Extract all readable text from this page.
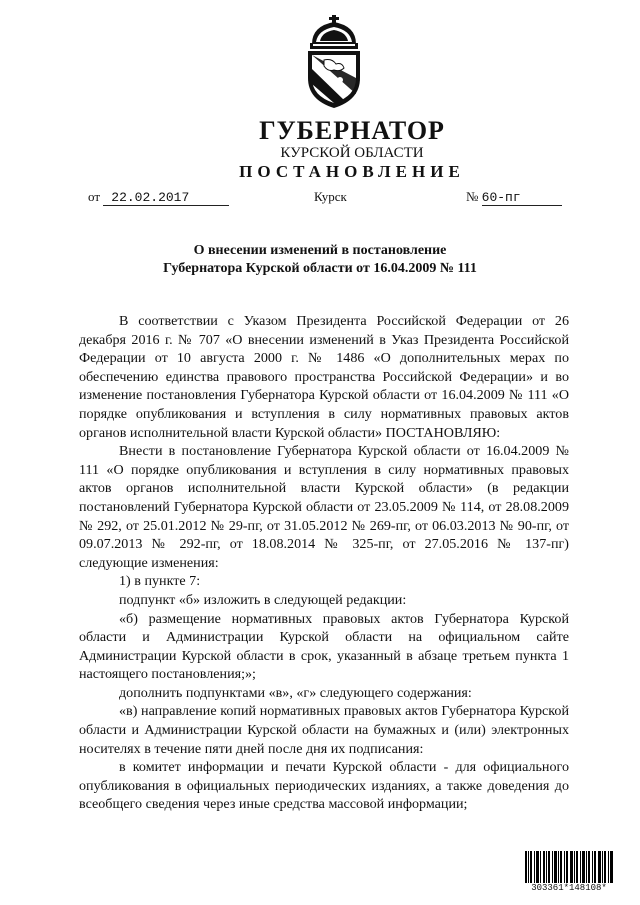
ГУБЕРНАТОР
КУРСКОЙ ОБЛАСТИ
ПОСТАНОВЛЕНИЕ
от 22.02.2017	Курск	№ 60-пг
О внесении изменений в постановление
Губернатора Курской области от 16.04.2009 № 111

В соответствии с Указом Президента Российской Федерации от 26 декабря 2016 г. № 707 «О внесении изменений в Указ Президента Российской Федерации от 10 августа 2000 г. № 1486 «О дополнительных мерах по обеспечению единства правового пространства Российской Федерации» и во изменение постановления Губернатора Курской области от 16.04.2009 № 111 «О порядке опубликования и вступления в силу нормативных правовых актов органов исполнительной власти Курской области» ПОСТАНОВЛЯЮ:

Внести в постановление Губернатора Курской области от 16.04.2009 № 111 «О порядке опубликования и вступления в силу нормативных правовых актов органов исполнительной власти Курской области» (в редакции постановлений Губернатора Курской области от 23.05.2009 № 114, от 28.08.2009 № 292, от 25.01.2012 № 29-пг, от 31.05.2012 № 269-пг, от 06.03.2013 № 90-пг, от 09.07.2013 № 292-пг, от 18.08.2014 № 325-пг, от 27.05.2016 № 137-пг) следующие изменения:

1) в пункте 7:

подпункт «б» изложить в следующей редакции:

«б) размещение нормативных правовых актов Губернатора Курской области и Администрации Курской области на официальном сайте Администрации Курской области в срок, указанный в абзаце третьем пункта 1 настоящего постановления;»;

дополнить подпунктами «в», «г» следующего содержания:

«в) направление копий нормативных правовых актов Губернатора Курской области и Администрации Курской области на бумажных и (или) электронных носителях в течение пяти дней после дня их подписания:

в комитет информации и печати Курской области - для официального опубликования в официальных периодических изданиях, а также доведения до всеобщего сведения через иные средства массовой информации;

303361*148108*
